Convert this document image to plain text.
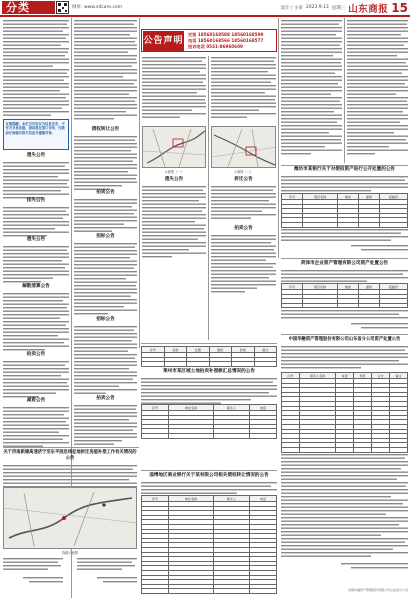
分类	网址: www.sdcare.com	设计 / 主审 2023.9.13 星期三 山东商报 15

友情提醒：本栏目内容仅为信息发布，不作为交易依据，请读者在签订合同、付款前仔细核实相关信息并谨慎对待。

遗失公告
挂失公告
遗失公告
解散清算公告
拍卖公告
减资公告
关于济南新建高速济宁至东平段沿线征地拆迁房屋补偿工作有关情况的公告
线路示意图
债权转让公告
拍卖公告
招标公告
招标公告
拍卖公告
公告声明
定报 18560168588 18560168599
电话 18560168566 18560168577
投诉电话 0531-86960609
示意图（一）	示意图（二）
遗失公告	拆迁公告
拍卖公告
序号	名称	位置	面积	价格	备注

莱州市某区域土地拍卖补偿款汇总情况的公告
序号	单位名称	联系人	电话

淄博地区商业银行关于某有限公司相关债权转让情况的公告
序号	单位名称	联系人	电话

潍坊市某银行关于对债权资产进行公开处置的公告
序号	项目名称	地址	面积	起始价

菏泽市企业资产管理有限公司资产处置公告
序号	项目名称	地址	面积	起始价

中国华融资产管理股份有限公司山东省分公司资产处置公告
序号	债务人名称	本金	利息	合计	备注

中国华融资产管理股份有限公司山东省分公司
